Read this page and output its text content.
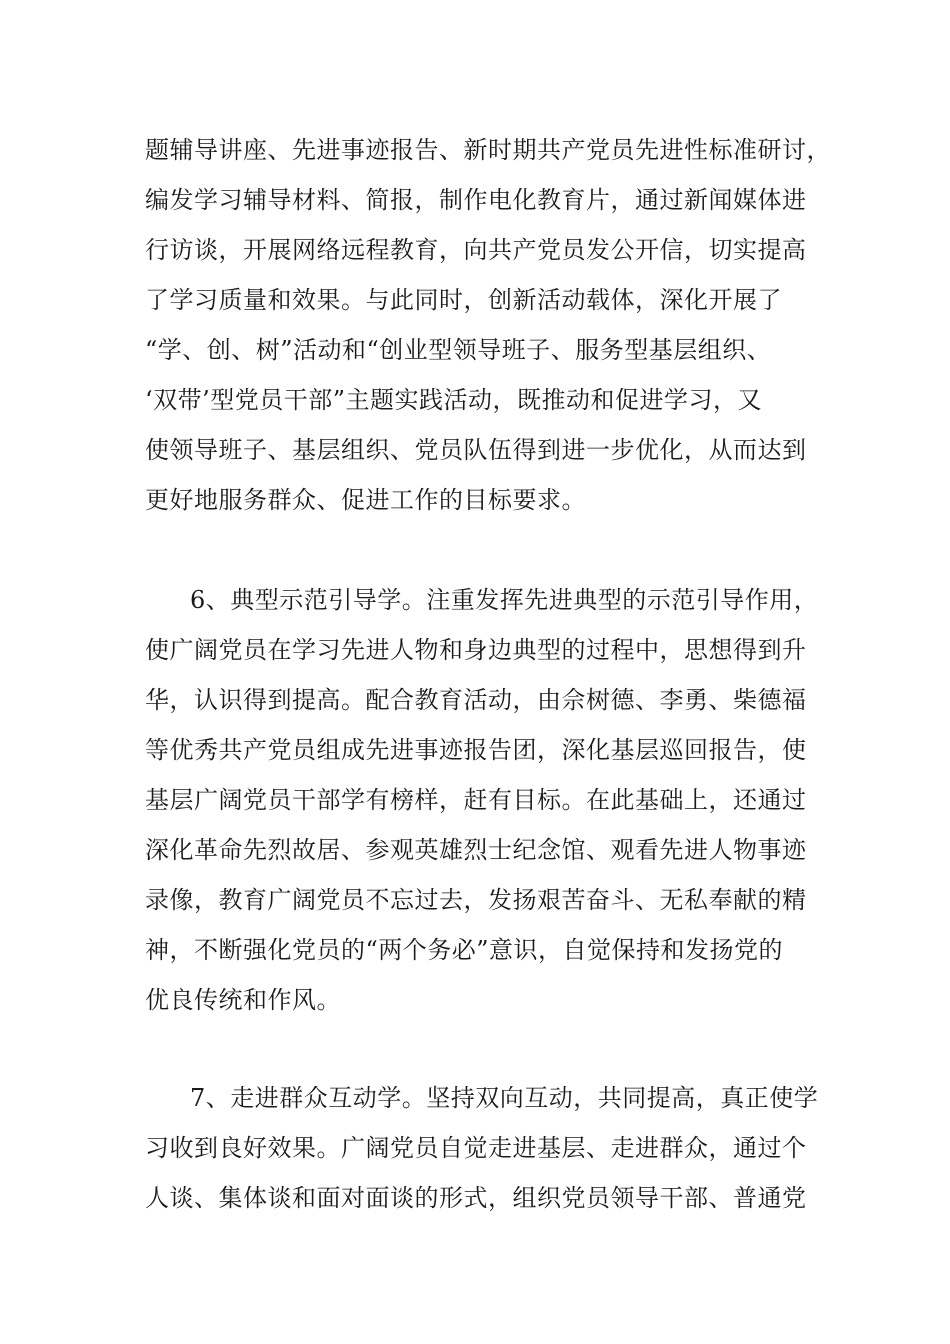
题辅导讲座、先进事迹报告、新时期共产党员先进性标准研讨，
编发学习辅导材料、简报，制作电化教育片，通过新闻媒体进
行访谈，开展网络远程教育，向共产党员发公开信，切实提高
了学习质量和效果。与此同时，创新活动载体，深化开展了
“学、创、树”活动和“创业型领导班子、服务型基层组织、
‘双带’型党员干部”主题实践活动，既推动和促进学习，又
使领导班子、基层组织、党员队伍得到进一步优化，从而达到
更好地服务群众、促进工作的目标要求。
6、典型示范引导学。注重发挥先进典型的示范引导作用，
使广阔党员在学习先进人物和身边典型的过程中，思想得到升
华，认识得到提高。配合教育活动，由佘树德、李勇、柴德福
等优秀共产党员组成先进事迹报告团，深化基层巡回报告，使
基层广阔党员干部学有榜样，赶有目标。在此基础上，还通过
深化革命先烈故居、参观英雄烈士纪念馆、观看先进人物事迹
录像，教育广阔党员不忘过去，发扬艰苦奋斗、无私奉献的精
神，不断强化党员的“两个务必”意识，自觉保持和发扬党的
优良传统和作风。
7、走进群众互动学。坚持双向互动，共同提高，真正使学
习收到良好效果。广阔党员自觉走进基层、走进群众，通过个
人谈、集体谈和面对面谈的形式，组织党员领导干部、普通党
